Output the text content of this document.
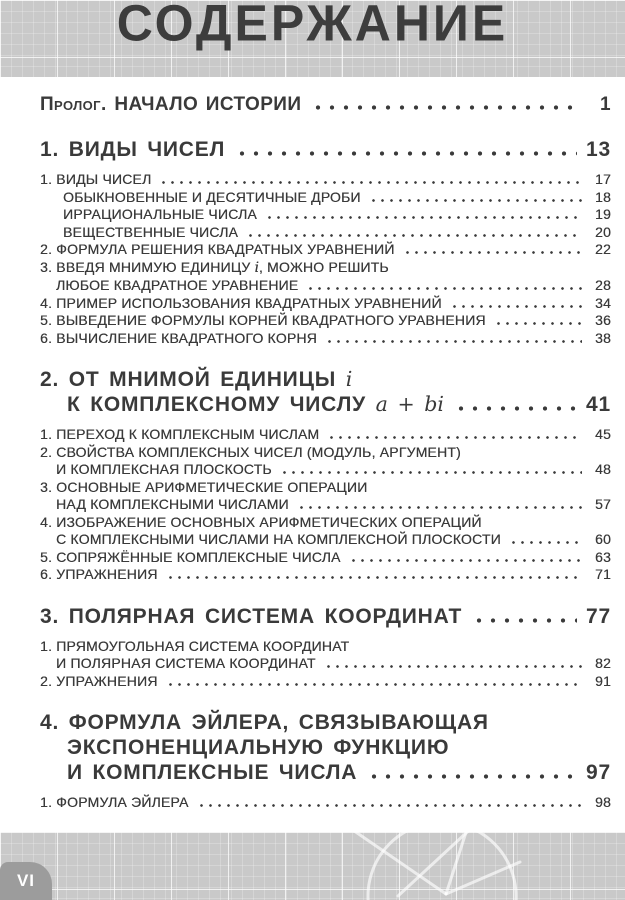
СОДЕРЖАНИЕ
Пролог. НАЧАЛО ИСТОРИИ	1
1. ВИДЫ ЧИСЕЛ	13
1. ВИДЫ ЧИСЕЛ	17
ОБЫКНОВЕННЫЕ И ДЕСЯТИЧНЫЕ ДРОБИ	18
ИРРАЦИОНАЛЬНЫЕ ЧИСЛА	19
ВЕЩЕСТВЕННЫЕ ЧИСЛА	20
2. ФОРМУЛА РЕШЕНИЯ КВАДРАТНЫХ УРАВНЕНИЙ	22
3. ВВЕДЯ МНИМУЮ ЕДИНИЦУ i, МОЖНО РЕШИТЬ
ЛЮБОЕ КВАДРАТНОЕ УРАВНЕНИЕ	28
4. ПРИМЕР ИСПОЛЬЗОВАНИЯ КВАДРАТНЫХ УРАВНЕНИЙ	34
5. ВЫВЕДЕНИЕ ФОРМУЛЫ КОРНЕЙ КВАДРАТНОГО УРАВНЕНИЯ	36
6. ВЫЧИСЛЕНИЕ КВАДРАТНОГО КОРНЯ	38
2. ОТ МНИМОЙ ЕДИНИЦЫ i
К КОМПЛЕКСНОМУ ЧИСЛУ a + bi	41
1. ПЕРЕХОД К КОМПЛЕКСНЫМ ЧИСЛАМ	45
2. СВОЙСТВА КОМПЛЕКСНЫХ ЧИСЕЛ (МОДУЛЬ, АРГУМЕНТ)
И КОМПЛЕКСНАЯ ПЛОСКОСТЬ	48
3. ОСНОВНЫЕ АРИФМЕТИЧЕСКИЕ ОПЕРАЦИИ
НАД КОМПЛЕКСНЫМИ ЧИСЛАМИ	57
4. ИЗОБРАЖЕНИЕ ОСНОВНЫХ АРИФМЕТИЧЕСКИХ ОПЕРАЦИЙ
С КОМПЛЕКСНЫМИ ЧИСЛАМИ НА КОМПЛЕКСНОЙ ПЛОСКОСТИ	60
5. СОПРЯЖЁННЫЕ КОМПЛЕКСНЫЕ ЧИСЛА	63
6. УПРАЖНЕНИЯ	71
3. ПОЛЯРНАЯ СИСТЕМА КООРДИНАТ	77
1. ПРЯМОУГОЛЬНАЯ СИСТЕМА КООРДИНАТ
И ПОЛЯРНАЯ СИСТЕМА КООРДИНАТ	82
2. УПРАЖНЕНИЯ	91
4. ФОРМУЛА ЭЙЛЕРА, СВЯЗЫВАЮЩАЯ
ЭКСПОНЕНЦИАЛЬНУЮ ФУНКЦИЮ
И КОМПЛЕКСНЫЕ ЧИСЛА	97
1. ФОРМУЛА ЭЙЛЕРА	98
VI
